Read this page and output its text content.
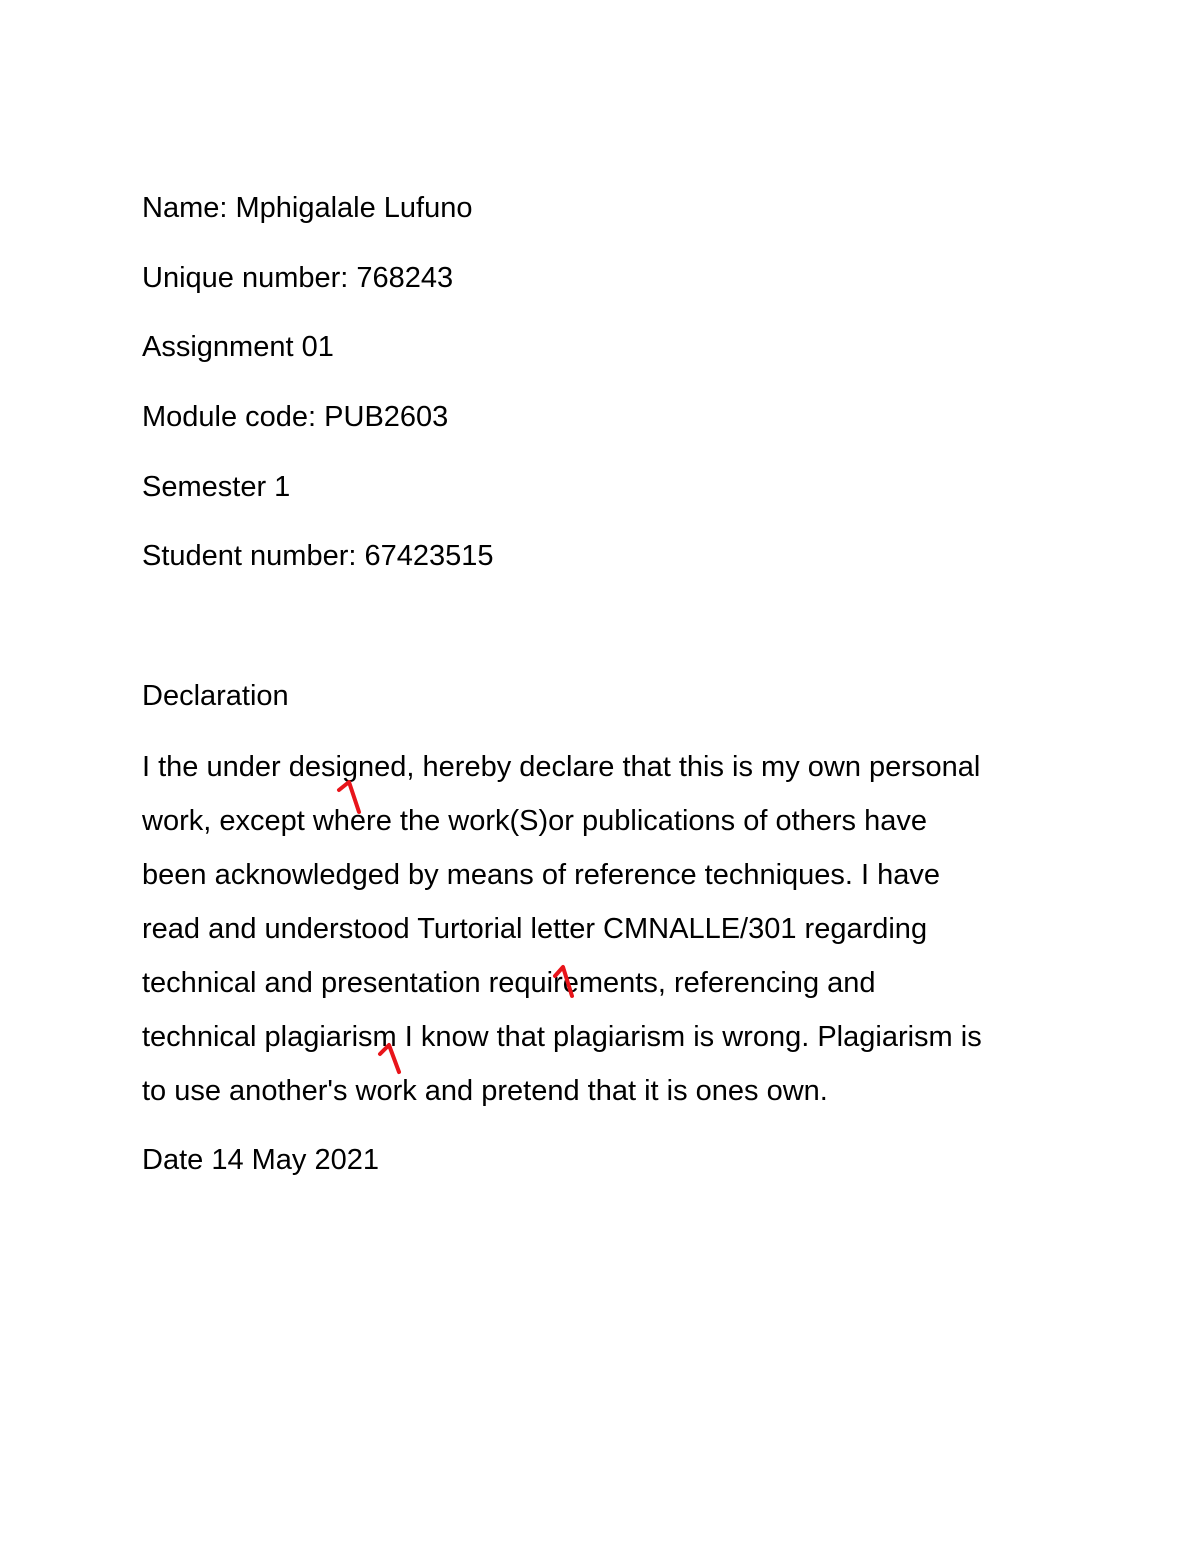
Name: Mphigalale Lufuno

Unique number: 768243

Assignment 01

Module code: PUB2603

Semester 1

Student number: 67423515

Declaration

I the under designed, hereby declare that this is my own personal
work, except where the work(S)or publications of others have
been acknowledged by means of reference techniques. I have
read and understood Turtorial letter CMNALLE/301 regarding
technical and presentation requirements, referencing and
technical plagiarism I know that plagiarism is wrong. Plagiarism is
to use another's work and pretend that it is ones own.

Date 14 May 2021
